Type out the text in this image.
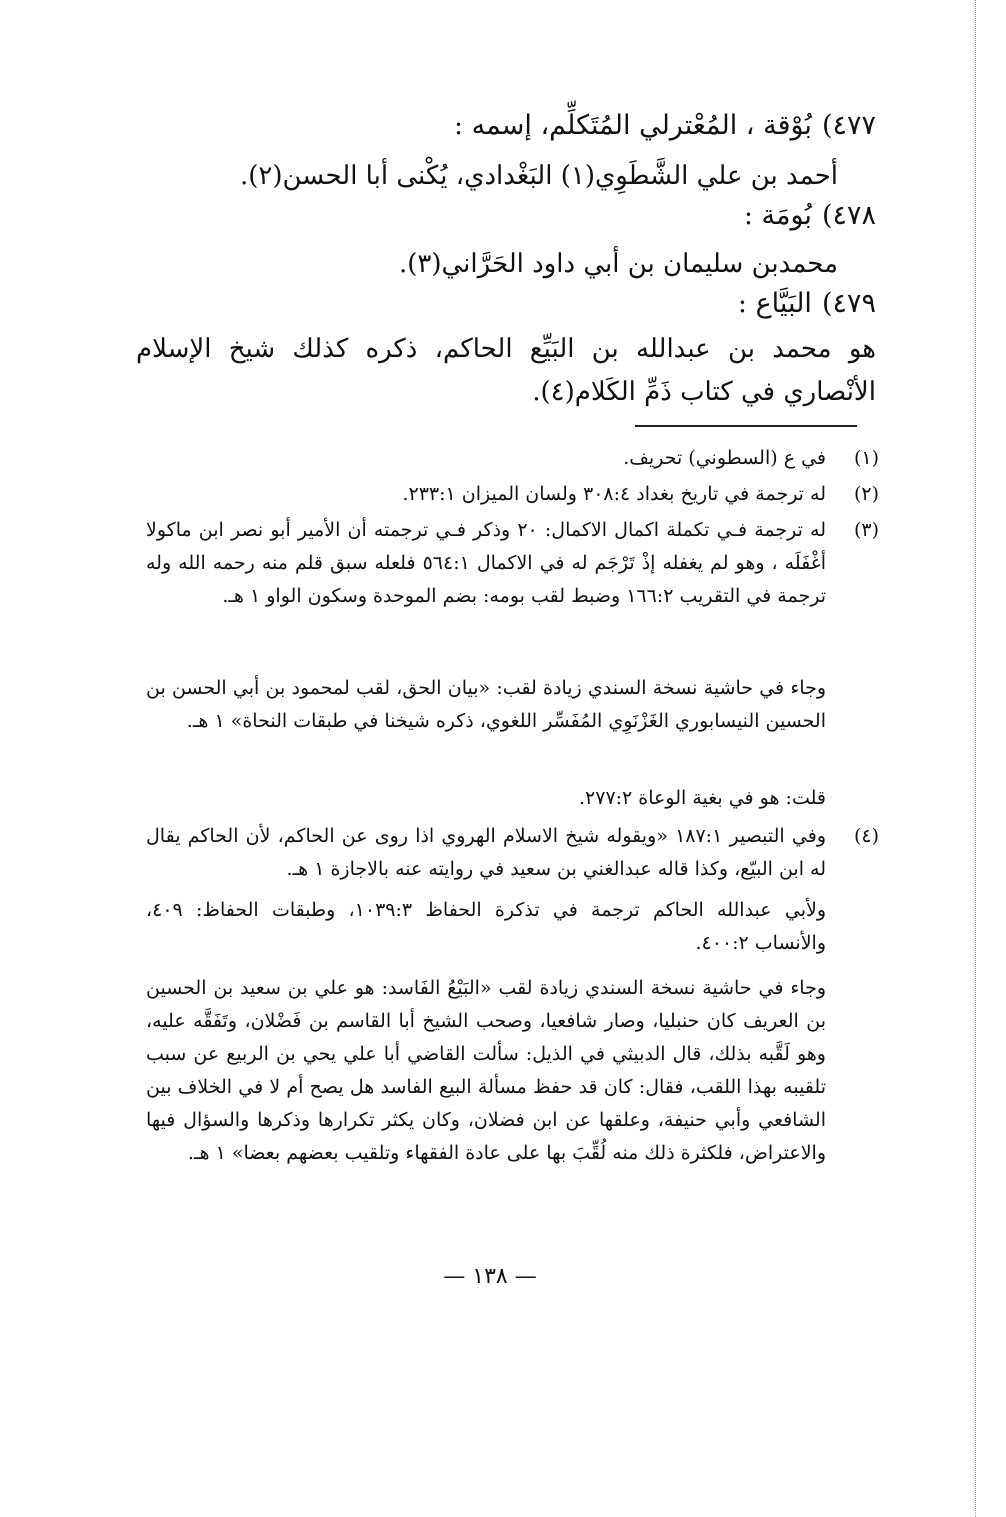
٤٧٧)بُوْقة ، المُعْترلي المُتَكلِّم، إسمه :
أحمد بن علي الشَّطَوِي(١) البَغْدادي، يُكْنى أبا الحسن(٢).
٤٧٨)بُومَة :
محمدبن سليمان بن أبي داود الحَرَّاني(٣).
٤٧٩)البَيَّاع :
هو محمد بن عبدالله بن البَيِّع الحاكم، ذكره كذلك شيخ الإسلام الأنْصاري في كتاب ذَمِّ الكَلام(٤).
(١)
في ع (السطوني) تحريف.
(٢)
له ترجمة في تاريخ بغداد ٣٠٨:٤ ولسان الميزان ٢٣٣:١.
(٣)
له ترجمة فـي تكملة اكمال الاكمال: ٢٠ وذكر فـي ترجمته أن الأمير أبو نصر ابن ماكولا أغْفَلَه ، وهو لم يغفله إذْ تَرْجَم له في الاكمال ٥٦٤:١ فلعله سبق قلم منه رحمه الله وله ترجمة في التقريب ١٦٦:٢ وضبط لقب بومه: بضم الموحدة وسكون الواو ١ هـ.
وجاء في حاشية نسخة السندي زيادة لقب: «بيان الحق، لقب لمحمود بن أبي الحسن بن الحسين النيسابوري الغَزْنَوِي المُفَسِّر اللغوي، ذكره شيخنا في طبقات النحاة» ١ هـ.
قلت: هو في بغية الوعاة ٢٧٧:٢.
(٤)
وفي التبصير ١٨٧:١ «ويقوله شيخ الاسلام الهروي اذا روى عن الحاكم، لأن الحاكم يقال له ابن البيّع، وكذا قاله عبدالغني بن سعيد في روايته عنه بالاجازة ١ هـ.
ولأبي عبدالله الحاكم ترجمة في تذكرة الحفاظ ١٠٣٩:٣، وطبقات الحفاظ: ٤٠٩، والأنساب ٤٠٠:٢.
وجاء في حاشية نسخة السندي زيادة لقب «البَيْعُ الفَاسد: هو علي بن سعيد بن الحسين بن العريف كان حنبليا، وصار شافعيا، وصحب الشيخ أبا القاسم بن فَضْلان، وتَفَقَّه عليه، وهو لَقَّبه بذلك، قال الدبيثي في الذيل: سألت القاضي أبا علي يحي بن الربيع عن سبب تلقيبه بهذا اللقب، فقال: كان قد حفظ مسألة البيع الفاسد هل يصح أم لا في الخلاف بين الشافعي وأبي حنيفة، وعلقها عن ابن فضلان، وكان يكثر تكرارها وذكرها والسؤال فيها والاعتراض، فلكثرة ذلك منه لُقِّبَ بها على عادة الفقهاء وتلقيب بعضهم بعضا» ١ هـ.
— ١٣٨ —
